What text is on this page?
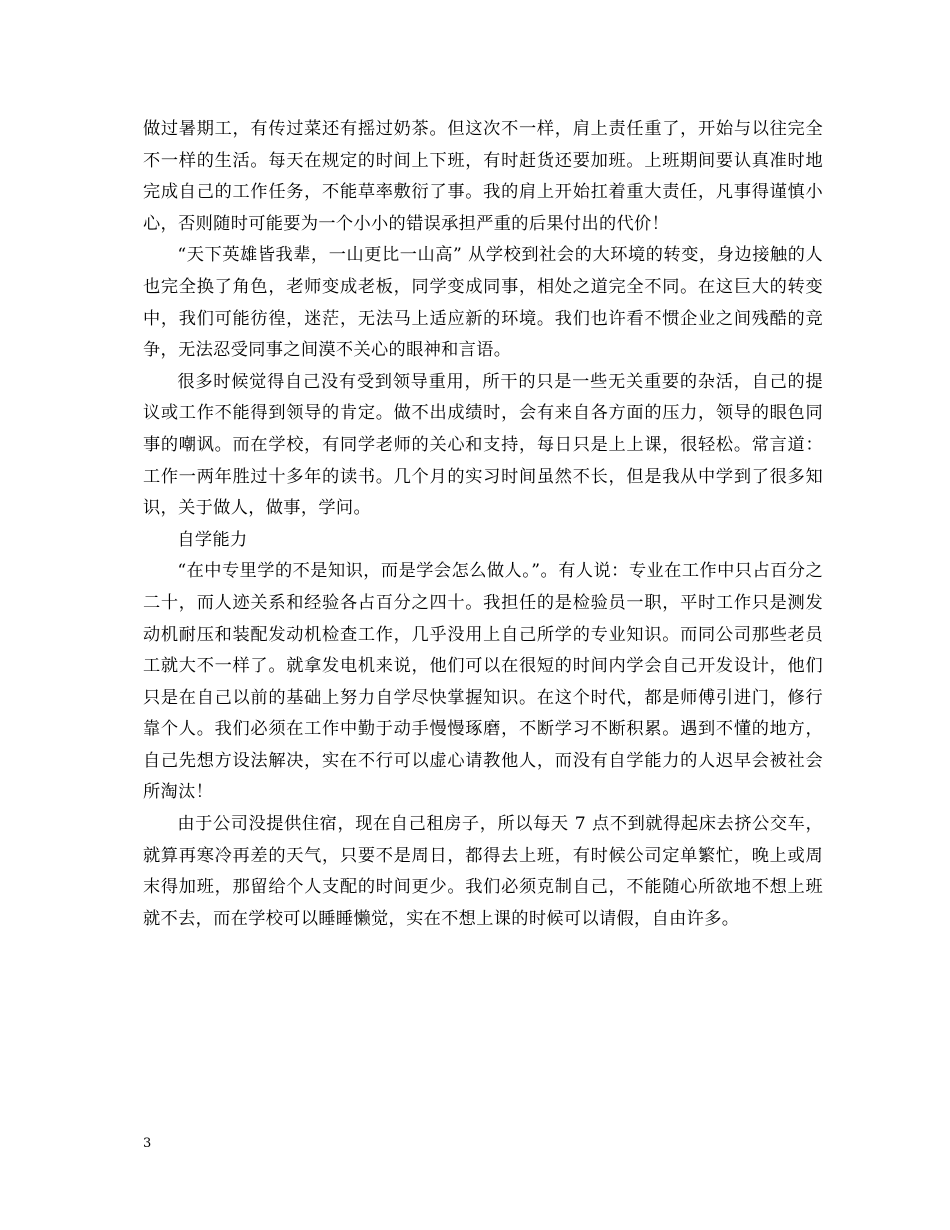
做过暑期工，有传过菜还有摇过奶茶。但这次不一样，肩上责任重了，开始与以往完全不一样的生活。每天在规定的时间上下班，有时赶货还要加班。上班期间要认真准时地完成自己的工作任务，不能草率敷衍了事。我的肩上开始扛着重大责任，凡事得谨慎小心，否则随时可能要为一个小小的错误承担严重的后果付出的代价！

“天下英雄皆我辈，一山更比一山高” 从学校到社会的大环境的转变，身边接触的人也完全换了角色，老师变成老板，同学变成同事，相处之道完全不同。在这巨大的转变中，我们可能彷徨，迷茫，无法马上适应新的环境。我们也许看不惯企业之间残酷的竞争，无法忍受同事之间漠不关心的眼神和言语。

很多时候觉得自己没有受到领导重用，所干的只是一些无关重要的杂活，自己的提议或工作不能得到领导的肯定。做不出成绩时，会有来自各方面的压力，领导的眼色同事的嘲讽。而在学校，有同学老师的关心和支持，每日只是上上课，很轻松。常言道：工作一两年胜过十多年的读书。几个月的实习时间虽然不长，但是我从中学到了很多知识，关于做人，做事，学问。

自学能力

“在中专里学的不是知识，而是学会怎么做人。”。有人说：专业在工作中只占百分之二十，而人迹关系和经验各占百分之四十。我担任的是检验员一职，平时工作只是测发动机耐压和装配发动机检查工作，几乎没用上自己所学的专业知识。而同公司那些老员工就大不一样了。就拿发电机来说，他们可以在很短的时间内学会自己开发设计，他们只是在自己以前的基础上努力自学尽快掌握知识。在这个时代，都是师傅引进门，修行靠个人。我们必须在工作中勤于动手慢慢琢磨，不断学习不断积累。遇到不懂的地方，自己先想方设法解决，实在不行可以虚心请教他人，而没有自学能力的人迟早会被社会所淘汰！

由于公司没提供住宿，现在自己租房子，所以每天 7 点不到就得起床去挤公交车，就算再寒冷再差的天气，只要不是周日，都得去上班，有时候公司定单繁忙，晚上或周末得加班，那留给个人支配的时间更少。我们必须克制自己，不能随心所欲地不想上班就不去，而在学校可以睡睡懒觉，实在不想上课的时候可以请假，自由许多。

3
